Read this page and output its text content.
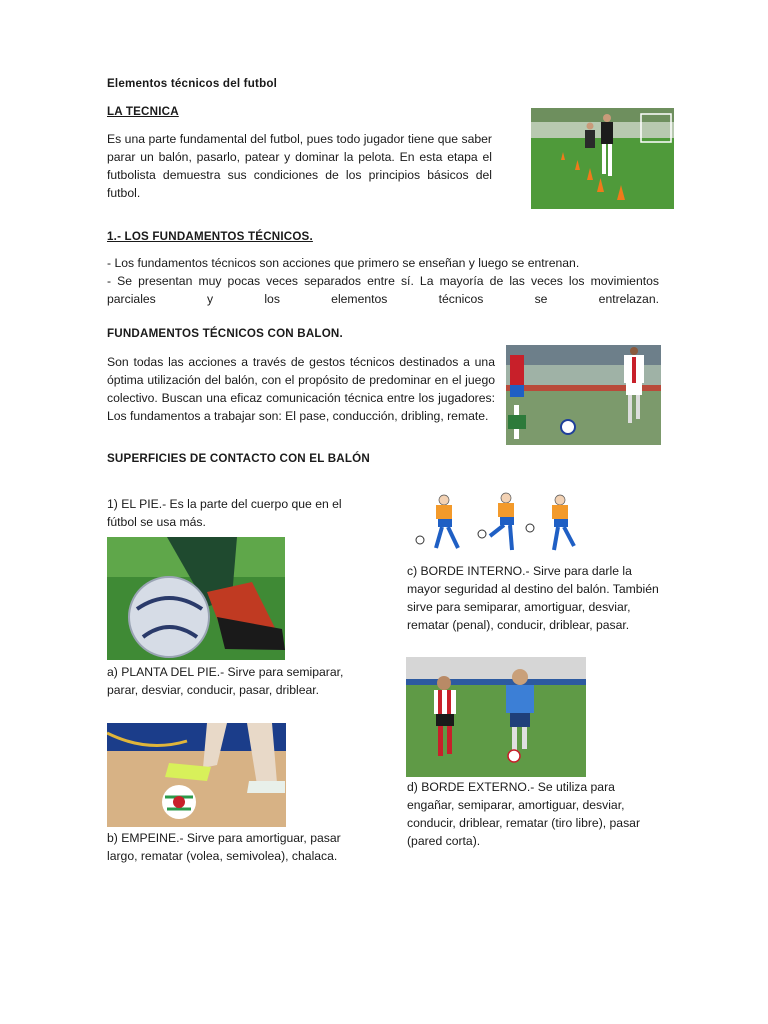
Elementos técnicos del futbol
LA TECNICA
Es una parte fundamental del futbol, pues todo jugador tiene que saber parar un balón, pasarlo, patear y dominar la pelota. En esta etapa el futbolista demuestra sus condiciones de los principios básicos del futbol.
1.- LOS FUNDAMENTOS TÉCNICOS.
- Los fundamentos técnicos son acciones que primero se enseñan y luego se entrenan.
- Se presentan muy pocas veces separados entre sí. La mayoría de las veces los movimientos parciales y los elementos técnicos se entrelazan.
FUNDAMENTOS TÉCNICOS CON BALON.
Son todas las acciones a través de gestos técnicos destinados a una óptima utilización del balón, con el propósito de predominar en el juego colectivo. Buscan una eficaz comunicación técnica entre los jugadores: Los fundamentos a trabajar son: El pase, conducción, dribling, remate.
SUPERFICIES DE CONTACTO CON EL BALÓN
1) EL PIE.- Es la parte del cuerpo que en el fútbol se usa más.
a) PLANTA DEL PIE.- Sirve para semiparar, parar, desviar, conducir, pasar, driblear.
b) EMPEINE.- Sirve para amortiguar, pasar largo, rematar (volea, semivolea), chalaca.
c) BORDE INTERNO.- Sirve para darle la mayor seguridad al destino del balón. También sirve para semiparar, amortiguar, desviar, rematar (penal), conducir, driblear, pasar.
d) BORDE EXTERNO.- Se utiliza para engañar, semiparar, amortiguar, desviar, conducir, driblear, rematar (tiro libre), pasar (pared corta).
